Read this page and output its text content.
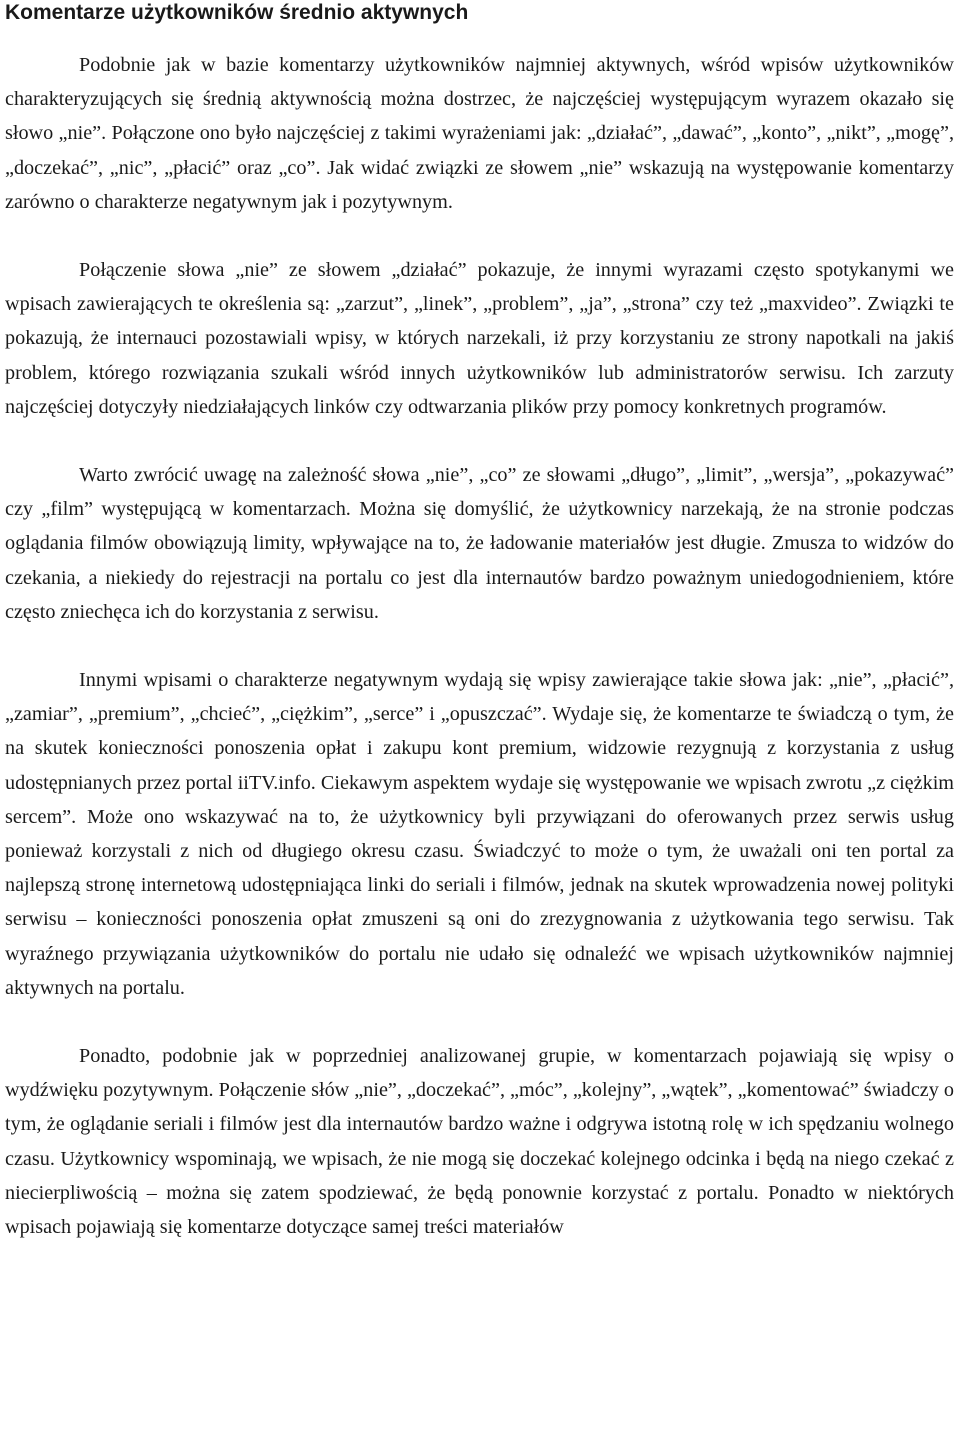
Komentarze użytkowników średnio aktywnych

Podobnie jak w bazie komentarzy użytkowników najmniej aktywnych, wśród wpisów użytkowników charakteryzujących się średnią aktywnością można dostrzec, że najczęściej występującym wyrazem okazało się słowo „nie”. Połączone ono było najczęściej z takimi wyrażeniami jak: „działać”, „dawać”, „konto”, „nikt”, „mogę”, „doczekać”, „nic”, „płacić” oraz „co”. Jak widać związki ze słowem „nie” wskazują na występowanie komentarzy zarówno o charakterze negatywnym jak i pozytywnym.

Połączenie słowa „nie” ze słowem „działać” pokazuje, że innymi wyrazami często spotykanymi we wpisach zawierających te określenia są: „zarzut”, „linek”, „problem”, „ja”, „strona” czy też „maxvideo”. Związki te pokazują, że internauci pozostawiali wpisy, w których narzekali, iż przy korzystaniu ze strony napotkali na jakiś problem, którego rozwiązania szukali wśród innych użytkowników lub administratorów serwisu. Ich zarzuty najczęściej dotyczyły niedziałających linków czy odtwarzania plików przy pomocy konkretnych programów.

Warto zwrócić uwagę na zależność słowa „nie”, „co” ze słowami „długo”, „limit”, „wersja”, „pokazywać” czy „film” występującą w komentarzach. Można się domyślić, że użytkownicy narzekają, że na stronie podczas oglądania filmów obowiązują limity, wpływające na to, że ładowanie materiałów jest długie. Zmusza to widzów do czekania, a niekiedy do rejestracji na portalu co jest dla internautów bardzo poważnym uniedogodnieniem, które często zniechęca ich do korzystania z serwisu.

Innymi wpisami o charakterze negatywnym wydają się wpisy zawierające takie słowa jak: „nie”, „płacić”, „zamiar”, „premium”, „chcieć”, „ciężkim”, „serce” i „opuszczać”. Wydaje się, że komentarze te świadczą o tym, że na skutek konieczności ponoszenia opłat i zakupu kont premium, widzowie rezygnują z korzystania z usług udostępnianych przez portal iiTV.info. Ciekawym aspektem wydaje się występowanie we wpisach zwrotu „z ciężkim sercem”. Może ono wskazywać na to, że użytkownicy byli przywiązani do oferowanych przez serwis usług ponieważ korzystali z nich od długiego okresu czasu. Świadczyć to może o tym, że uważali oni ten portal za najlepszą stronę internetową udostępniająca linki do seriali i filmów, jednak na skutek wprowadzenia nowej polityki serwisu – konieczności ponoszenia opłat zmuszeni są oni do zrezygnowania z użytkowania tego serwisu. Tak wyraźnego przywiązania użytkowników do portalu nie udało się odnaleźć we wpisach użytkowników najmniej aktywnych na portalu.

Ponadto, podobnie jak w poprzedniej analizowanej grupie, w komentarzach pojawiają się wpisy o wydźwięku pozytywnym. Połączenie słów „nie”, „doczekać”, „móc”, „kolejny”, „wątek”, „komentować” świadczy o tym, że oglądanie seriali i filmów jest dla internautów bardzo ważne i odgrywa istotną rolę w ich spędzaniu wolnego czasu. Użytkownicy wspominają, we wpisach, że nie mogą się doczekać kolejnego odcinka i będą na niego czekać z niecierpliwością – można się zatem spodziewać, że będą ponownie korzystać z portalu. Ponadto w niektórych wpisach pojawiają się komentarze dotyczące samej treści materiałów
